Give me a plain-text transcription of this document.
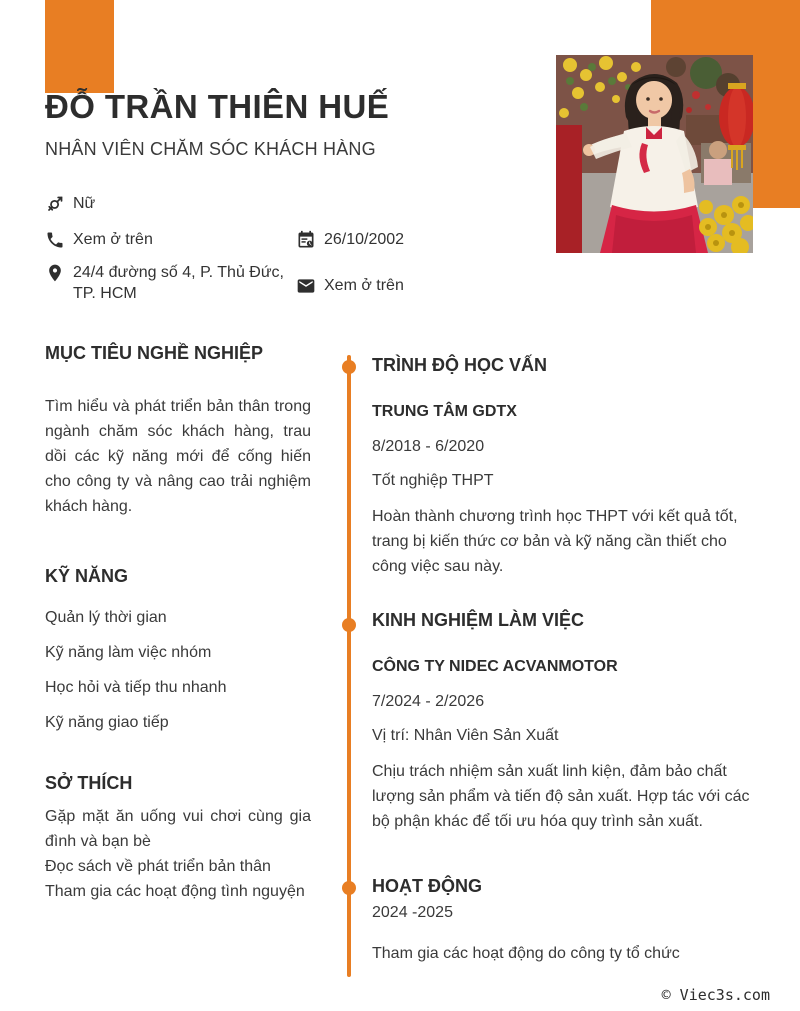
ĐỖ TRẦN THIÊN HUẾ
NHÂN VIÊN CHĂM SÓC KHÁCH HÀNG
Nữ
Xem ở trên	26/10/2002
24/4 đường số 4, P. Thủ Đức, TP. HCM	Xem ở trên
MỤC TIÊU NGHỀ NGHIỆP
Tìm hiểu và phát triển bản thân trong ngành chăm sóc khách hàng, trau dồi các kỹ năng mới để cống hiến cho công ty và nâng cao trải nghiệm khách hàng.
KỸ NĂNG
Quản lý thời gian
Kỹ năng làm việc nhóm
Học hỏi và tiếp thu nhanh
Kỹ năng giao tiếp
SỞ THÍCH
Gặp mặt ăn uống vui chơi cùng gia đình và bạn bè
Đọc sách về phát triển bản thân
Tham gia các hoạt động tình nguyện
TRÌNH ĐỘ HỌC VẤN
TRUNG TÂM GDTX
8/2018 - 6/2020
Tốt nghiệp THPT
Hoàn thành chương trình học THPT với kết quả tốt, trang bị kiến thức cơ bản và kỹ năng cần thiết cho công việc sau này.
KINH NGHIỆM LÀM VIỆC
CÔNG TY NIDEC ACVANMOTOR
7/2024 - 2/2026
Vị trí: Nhân Viên Sản Xuất
Chịu trách nhiệm sản xuất linh kiện, đảm bảo chất lượng sản phẩm và tiến độ sản xuất. Hợp tác với các bộ phận khác để tối ưu hóa quy trình sản xuất.
HOẠT ĐỘNG
2024 -2025
Tham gia các hoạt động do công ty tổ chức
© Viec3s.com
